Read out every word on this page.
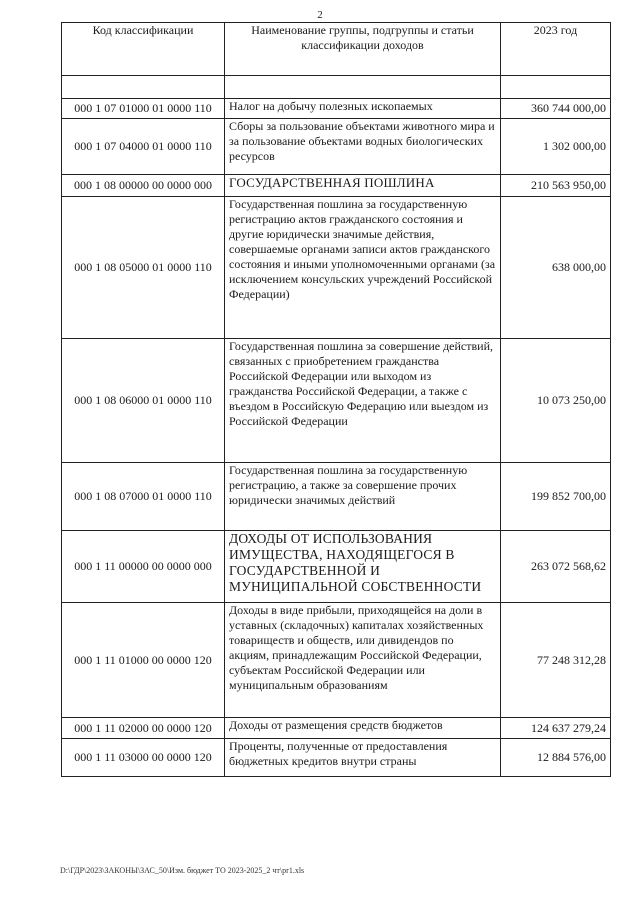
2
Код классификации	Наименование группы, подгруппы и статьи классификации доходов	2023 год

000 1 07 01000 01 0000 110	Налог на добычу полезных ископаемых	360 744 000,00
000 1 07 04000 01 0000 110	Сборы за пользование объектами животного мира и за пользование объектами водных биологических ресурсов	1 302 000,00
000 1 08 00000 00 0000 000	ГОСУДАРСТВЕННАЯ ПОШЛИНА	210 563 950,00
000 1 08 05000 01 0000 110	Государственная пошлина за государственную регистрацию актов гражданского состояния и другие юридически значимые действия, совершаемые органами записи актов гражданского состояния и иными уполномоченными органами (за исключением консульских учреждений Российской Федерации)	638 000,00
000 1 08 06000 01 0000 110	Государственная пошлина за совершение действий, связанных с приобретением гражданства Российской Федерации или выходом из гражданства Российской Федерации, а также с въездом в Российскую Федерацию или выездом из Российской Федерации	10 073 250,00
000 1 08 07000 01 0000 110	Государственная пошлина за государственную регистрацию, а также за совершение прочих юридически значимых действий	199 852 700,00
000 1 11 00000 00 0000 000	ДОХОДЫ ОТ ИСПОЛЬЗОВАНИЯ ИМУЩЕСТВА, НАХОДЯЩЕГОСЯ В ГОСУДАРСТВЕННОЙ И МУНИЦИПАЛЬНОЙ СОБСТВЕННОСТИ	263 072 568,62
000 1 11 01000 00 0000 120	Доходы в виде прибыли, приходящейся на доли в уставных (складочных) капиталах хозяйственных товариществ и обществ, или дивидендов по акциям, принадлежащим Российской Федерации, субъектам Российской Федерации или муниципальным образованиям	77 248 312,28
000 1 11 02000 00 0000 120	Доходы от размещения средств бюджетов	124 637 279,24
000 1 11 03000 00 0000 120	Проценты, полученные от предоставления бюджетных кредитов внутри страны	12 884 576,00
D:\ГДР\2023\ЗАКОНЫ\ЗАС_50\Изм. бюджет ТО 2023-2025_2 чт\pr1.xls
